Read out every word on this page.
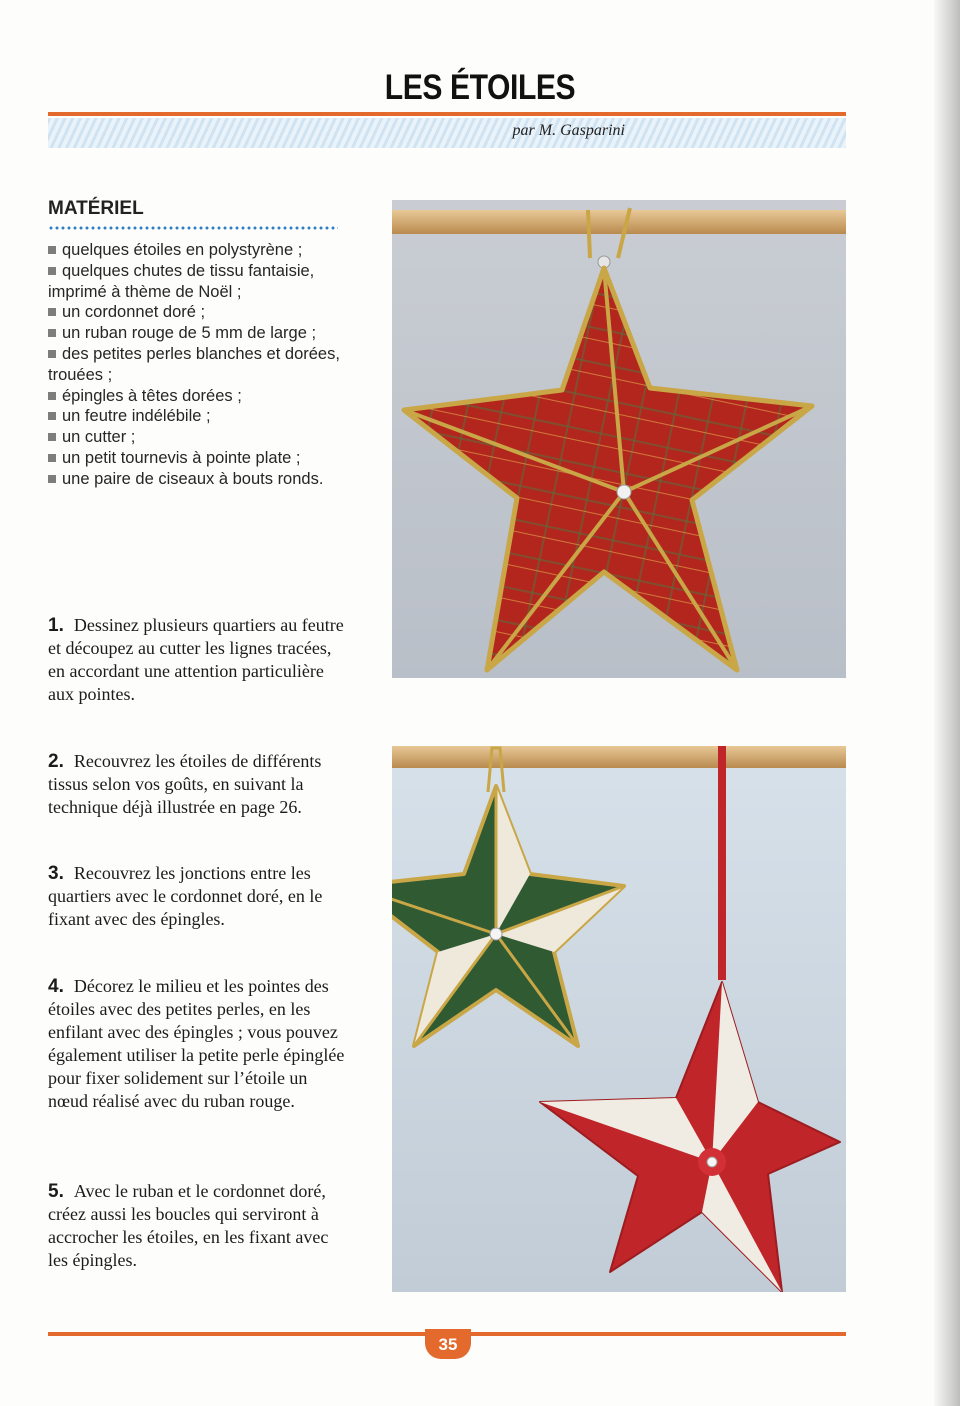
LES ÉTOILES
par M. Gasparini
MATÉRIEL
quelques étoiles en polystyrène ;
quelques chutes de tissu fantaisie, imprimé à thème de Noël ;
un cordonnet doré ;
un ruban rouge de 5 mm de large ;
des petites perles blanches et dorées, trouées ;
épingles à têtes dorées ;
un feutre indélébile ;
un cutter ;
un petit tournevis à pointe plate ;
une paire de ciseaux à bouts ronds.
1. Dessinez plusieurs quartiers au feutre et découpez au cutter les lignes tracées, en accordant une attention particulière aux pointes.
2. Recouvrez les étoiles de différents tissus selon vos goûts, en suivant la technique déjà illustrée en page 26.
3. Recouvrez les jonctions entre les quartiers avec le cordonnet doré, en le fixant avec des épingles.
4. Décorez le milieu et les pointes des étoiles avec des petites perles, en les enfilant avec des épingles ; vous pouvez également utiliser la petite perle épinglée pour fixer solidement sur l’étoile un nœud réalisé avec du ruban rouge.
5. Avec le ruban et le cordonnet doré, créez aussi les boucles qui serviront à accrocher les étoiles, en les fixant avec les épingles.
35
